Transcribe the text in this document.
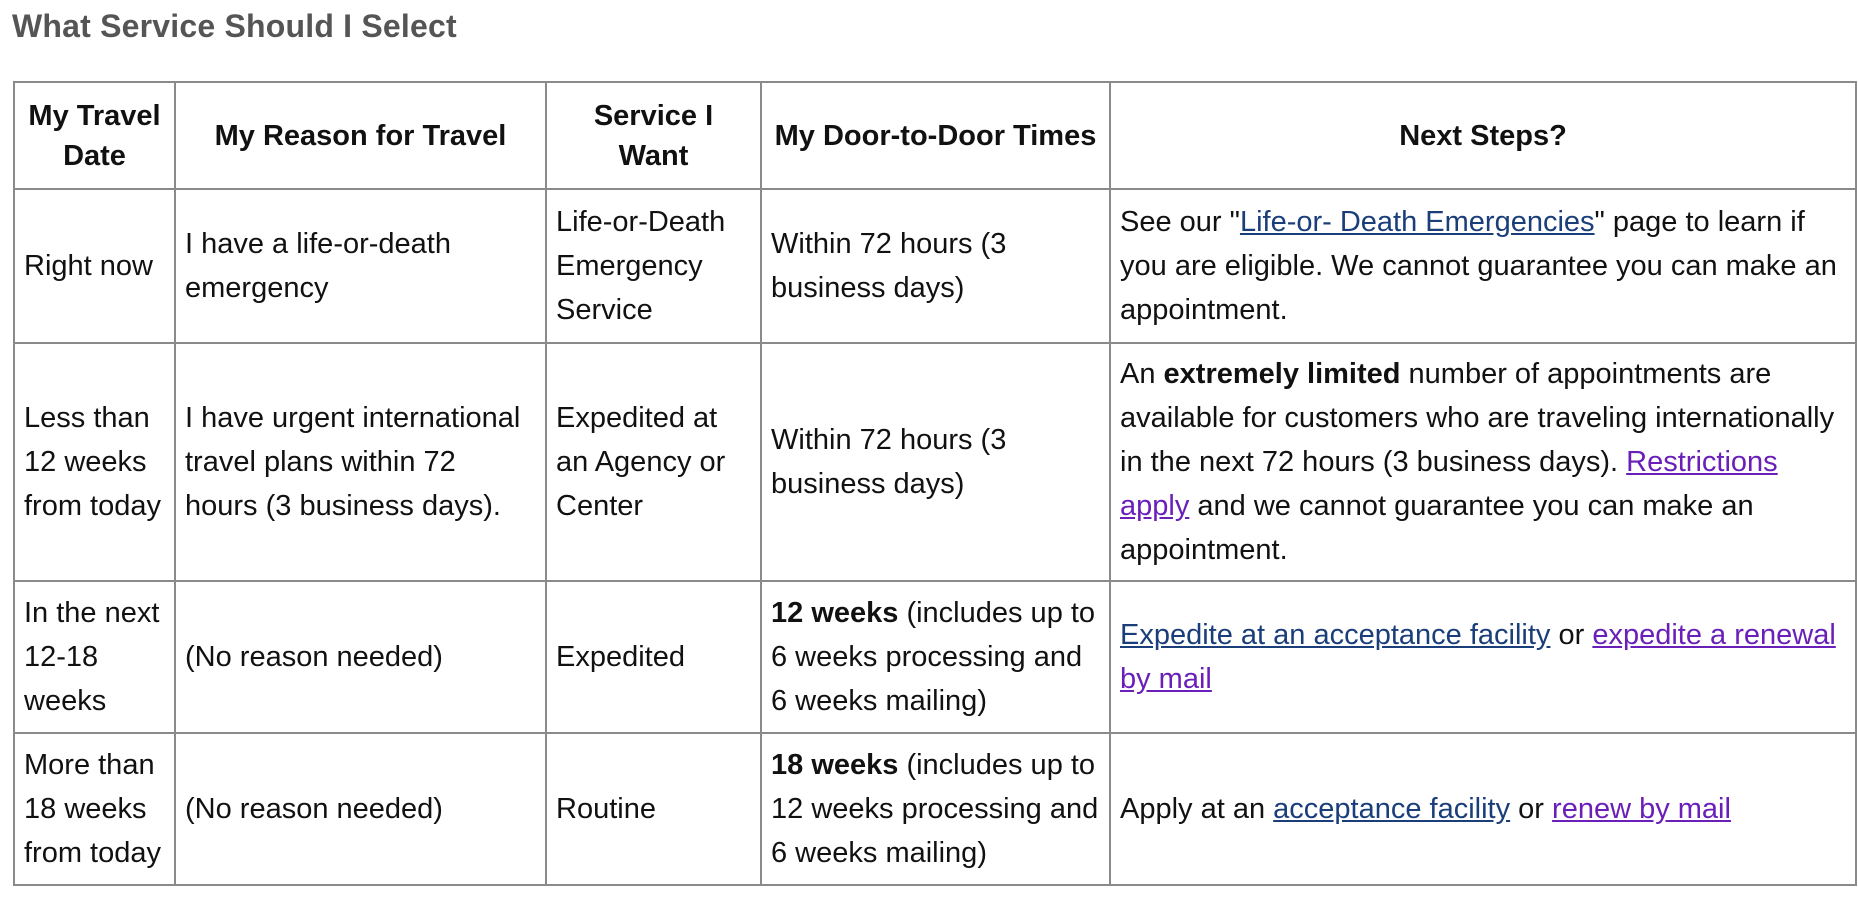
What Service Should I Select
My Travel Date	My Reason for Travel	Service I Want	My Door-to-Door Times	Next Steps?
Right now	I have a life-or-death emergency	Life-or-Death Emergency Service	Within 72 hours (3 business days)	See our "Life-or- Death Emergencies" page to learn if you are eligible. We cannot guarantee you can make an appointment.
Less than 12 weeks from today	I have urgent international travel plans within 72 hours (3 business days).	Expedited at an Agency or Center	Within 72 hours (3 business days)	An extremely limited number of appointments are available for customers who are traveling internationally in the next 72 hours (3 business days). Restrictions apply and we cannot guarantee you can make an appointment.
In the next 12-18 weeks	(No reason needed)	Expedited	12 weeks (includes up to 6 weeks processing and 6 weeks mailing)	Expedite at an acceptance facility or expedite a renewal by mail
More than 18 weeks from today	(No reason needed)	Routine	18 weeks (includes up to 12 weeks processing and 6 weeks mailing)	Apply at an acceptance facility or renew by mail
